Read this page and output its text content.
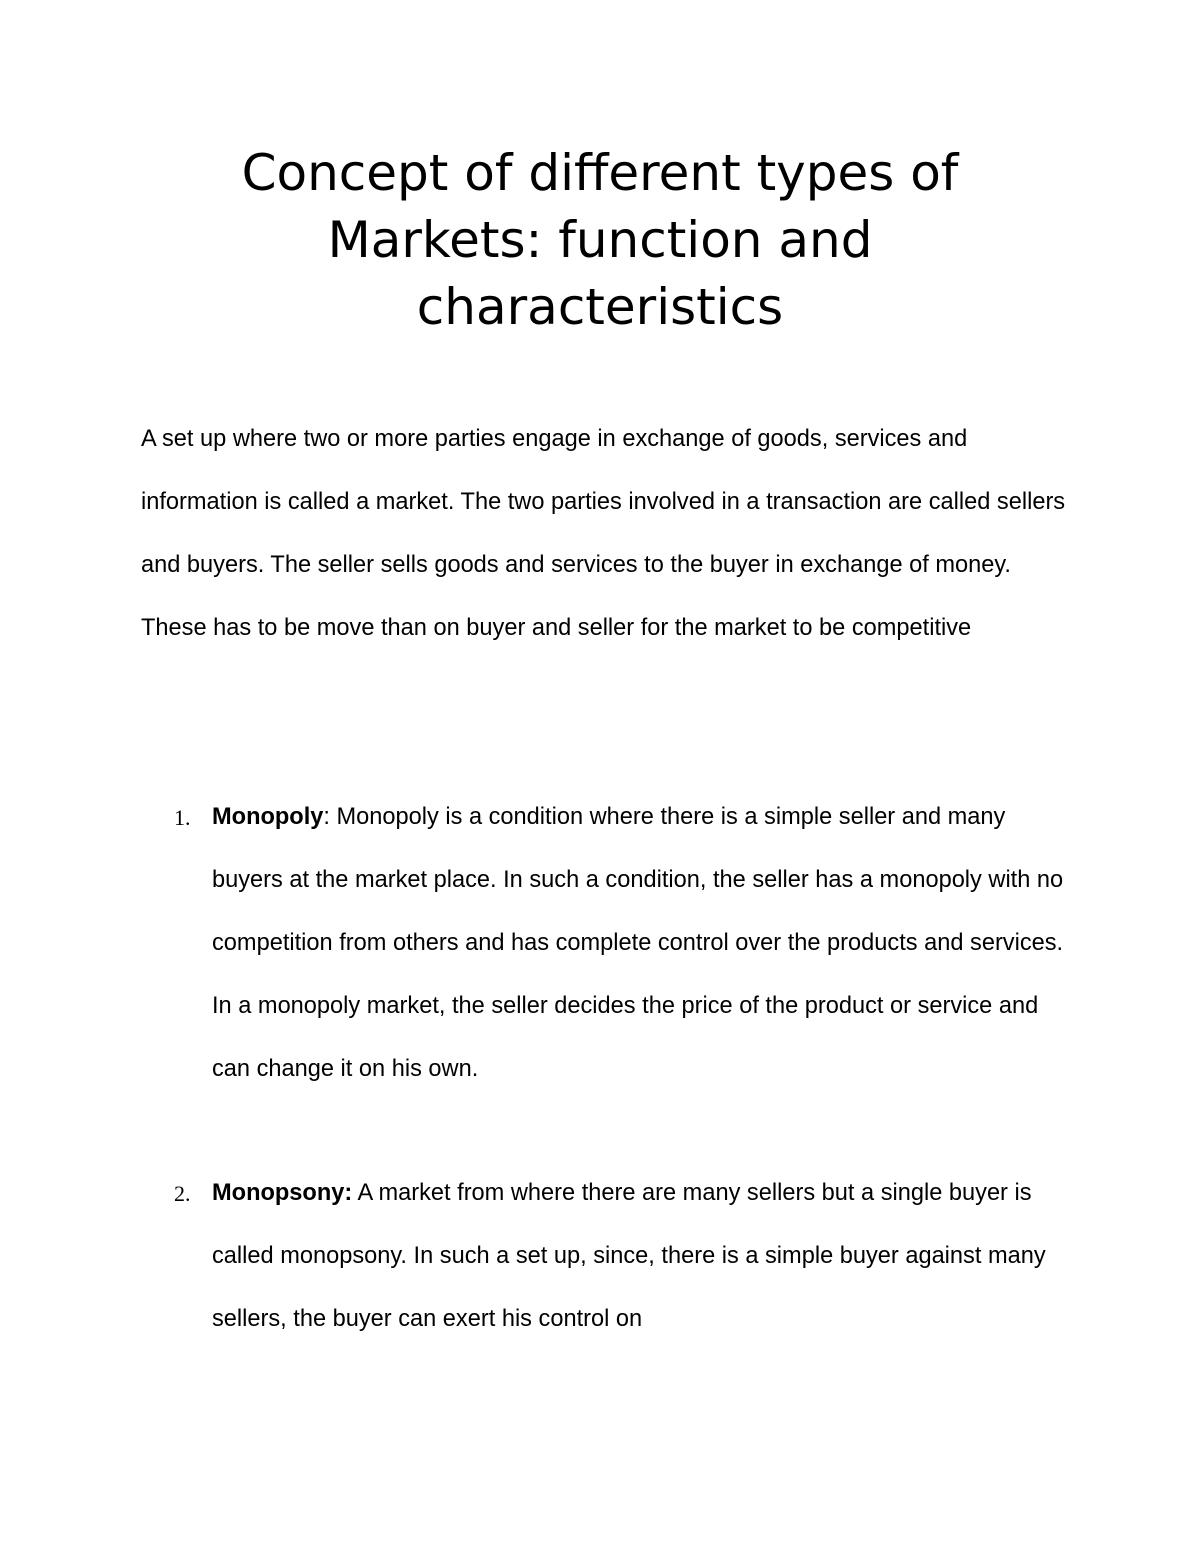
Concept of different types of Markets: function and characteristics

A set up where two or more parties engage in exchange of goods, services and information is called a market. The two parties involved in a transaction are called sellers and buyers. The seller sells goods and services to the buyer in exchange of money. These has to be move than on buyer and seller for the market to be competitive

1. Monopoly: Monopoly is a condition where there is a simple seller and many buyers at the market place. In such a condition, the seller has a monopoly with no competition from others and has complete control over the products and services. In a monopoly market, the seller decides the price of the product or service and can change it on his own.
2. Monopsony: A market from where there are many sellers but a single buyer is called monopsony. In such a set up, since, there is a simple buyer against many sellers, the buyer can exert his control on
